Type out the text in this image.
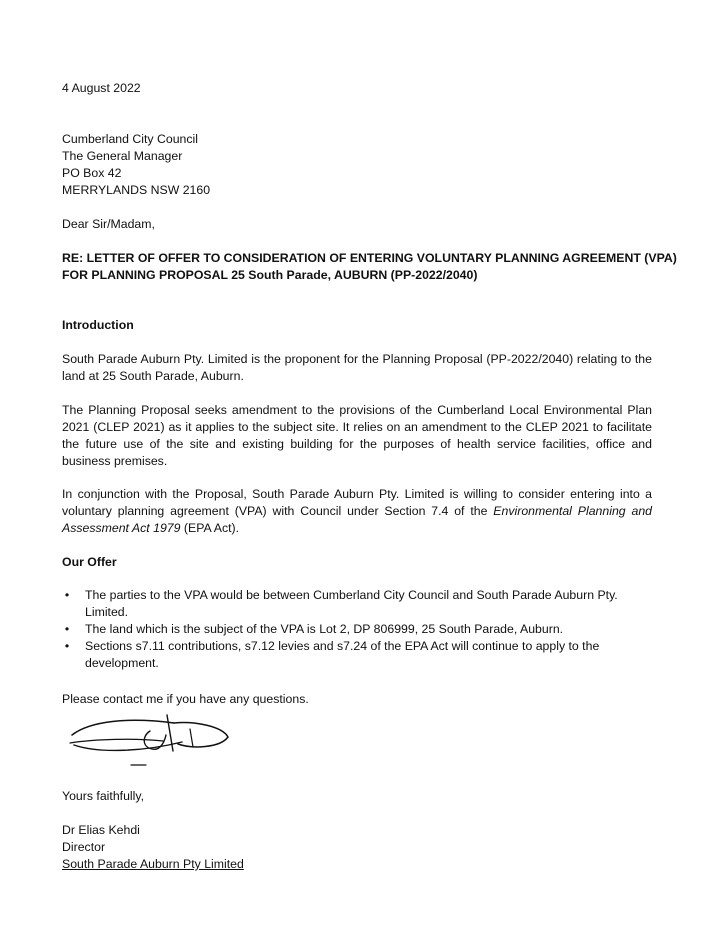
4 August 2022
Cumberland City Council
The General Manager
PO Box 42
MERRYLANDS NSW 2160
Dear Sir/Madam,
RE: LETTER OF OFFER TO CONSIDERATION OF ENTERING VOLUNTARY PLANNING AGREEMENT (VPA)
FOR PLANNING PROPOSAL 25 South Parade, AUBURN (PP-2022/2040)
Introduction
South Parade Auburn Pty. Limited is the proponent for the Planning Proposal (PP-2022/2040) relating to the land at 25 South Parade, Auburn.
The Planning Proposal seeks amendment to the provisions of the Cumberland Local Environmental Plan 2021 (CLEP 2021) as it applies to the subject site. It relies on an amendment to the CLEP 2021 to facilitate the future use of the site and existing building for the purposes of health service facilities, office and business premises.
In conjunction with the Proposal, South Parade Auburn Pty. Limited is willing to consider entering into a voluntary planning agreement (VPA) with Council under Section 7.4 of the Environmental Planning and Assessment Act 1979 (EPA Act).
Our Offer
• The parties to the VPA would be between Cumberland City Council and South Parade Auburn Pty. Limited.
• The land which is the subject of the VPA is Lot 2, DP 806999, 25 South Parade, Auburn.
• Sections s7.11 contributions, s7.12 levies and s7.24 of the EPA Act will continue to apply to the development.
Please contact me if you have any questions.
Yours faithfully,
Dr Elias Kehdi
Director
South Parade Auburn Pty Limited
